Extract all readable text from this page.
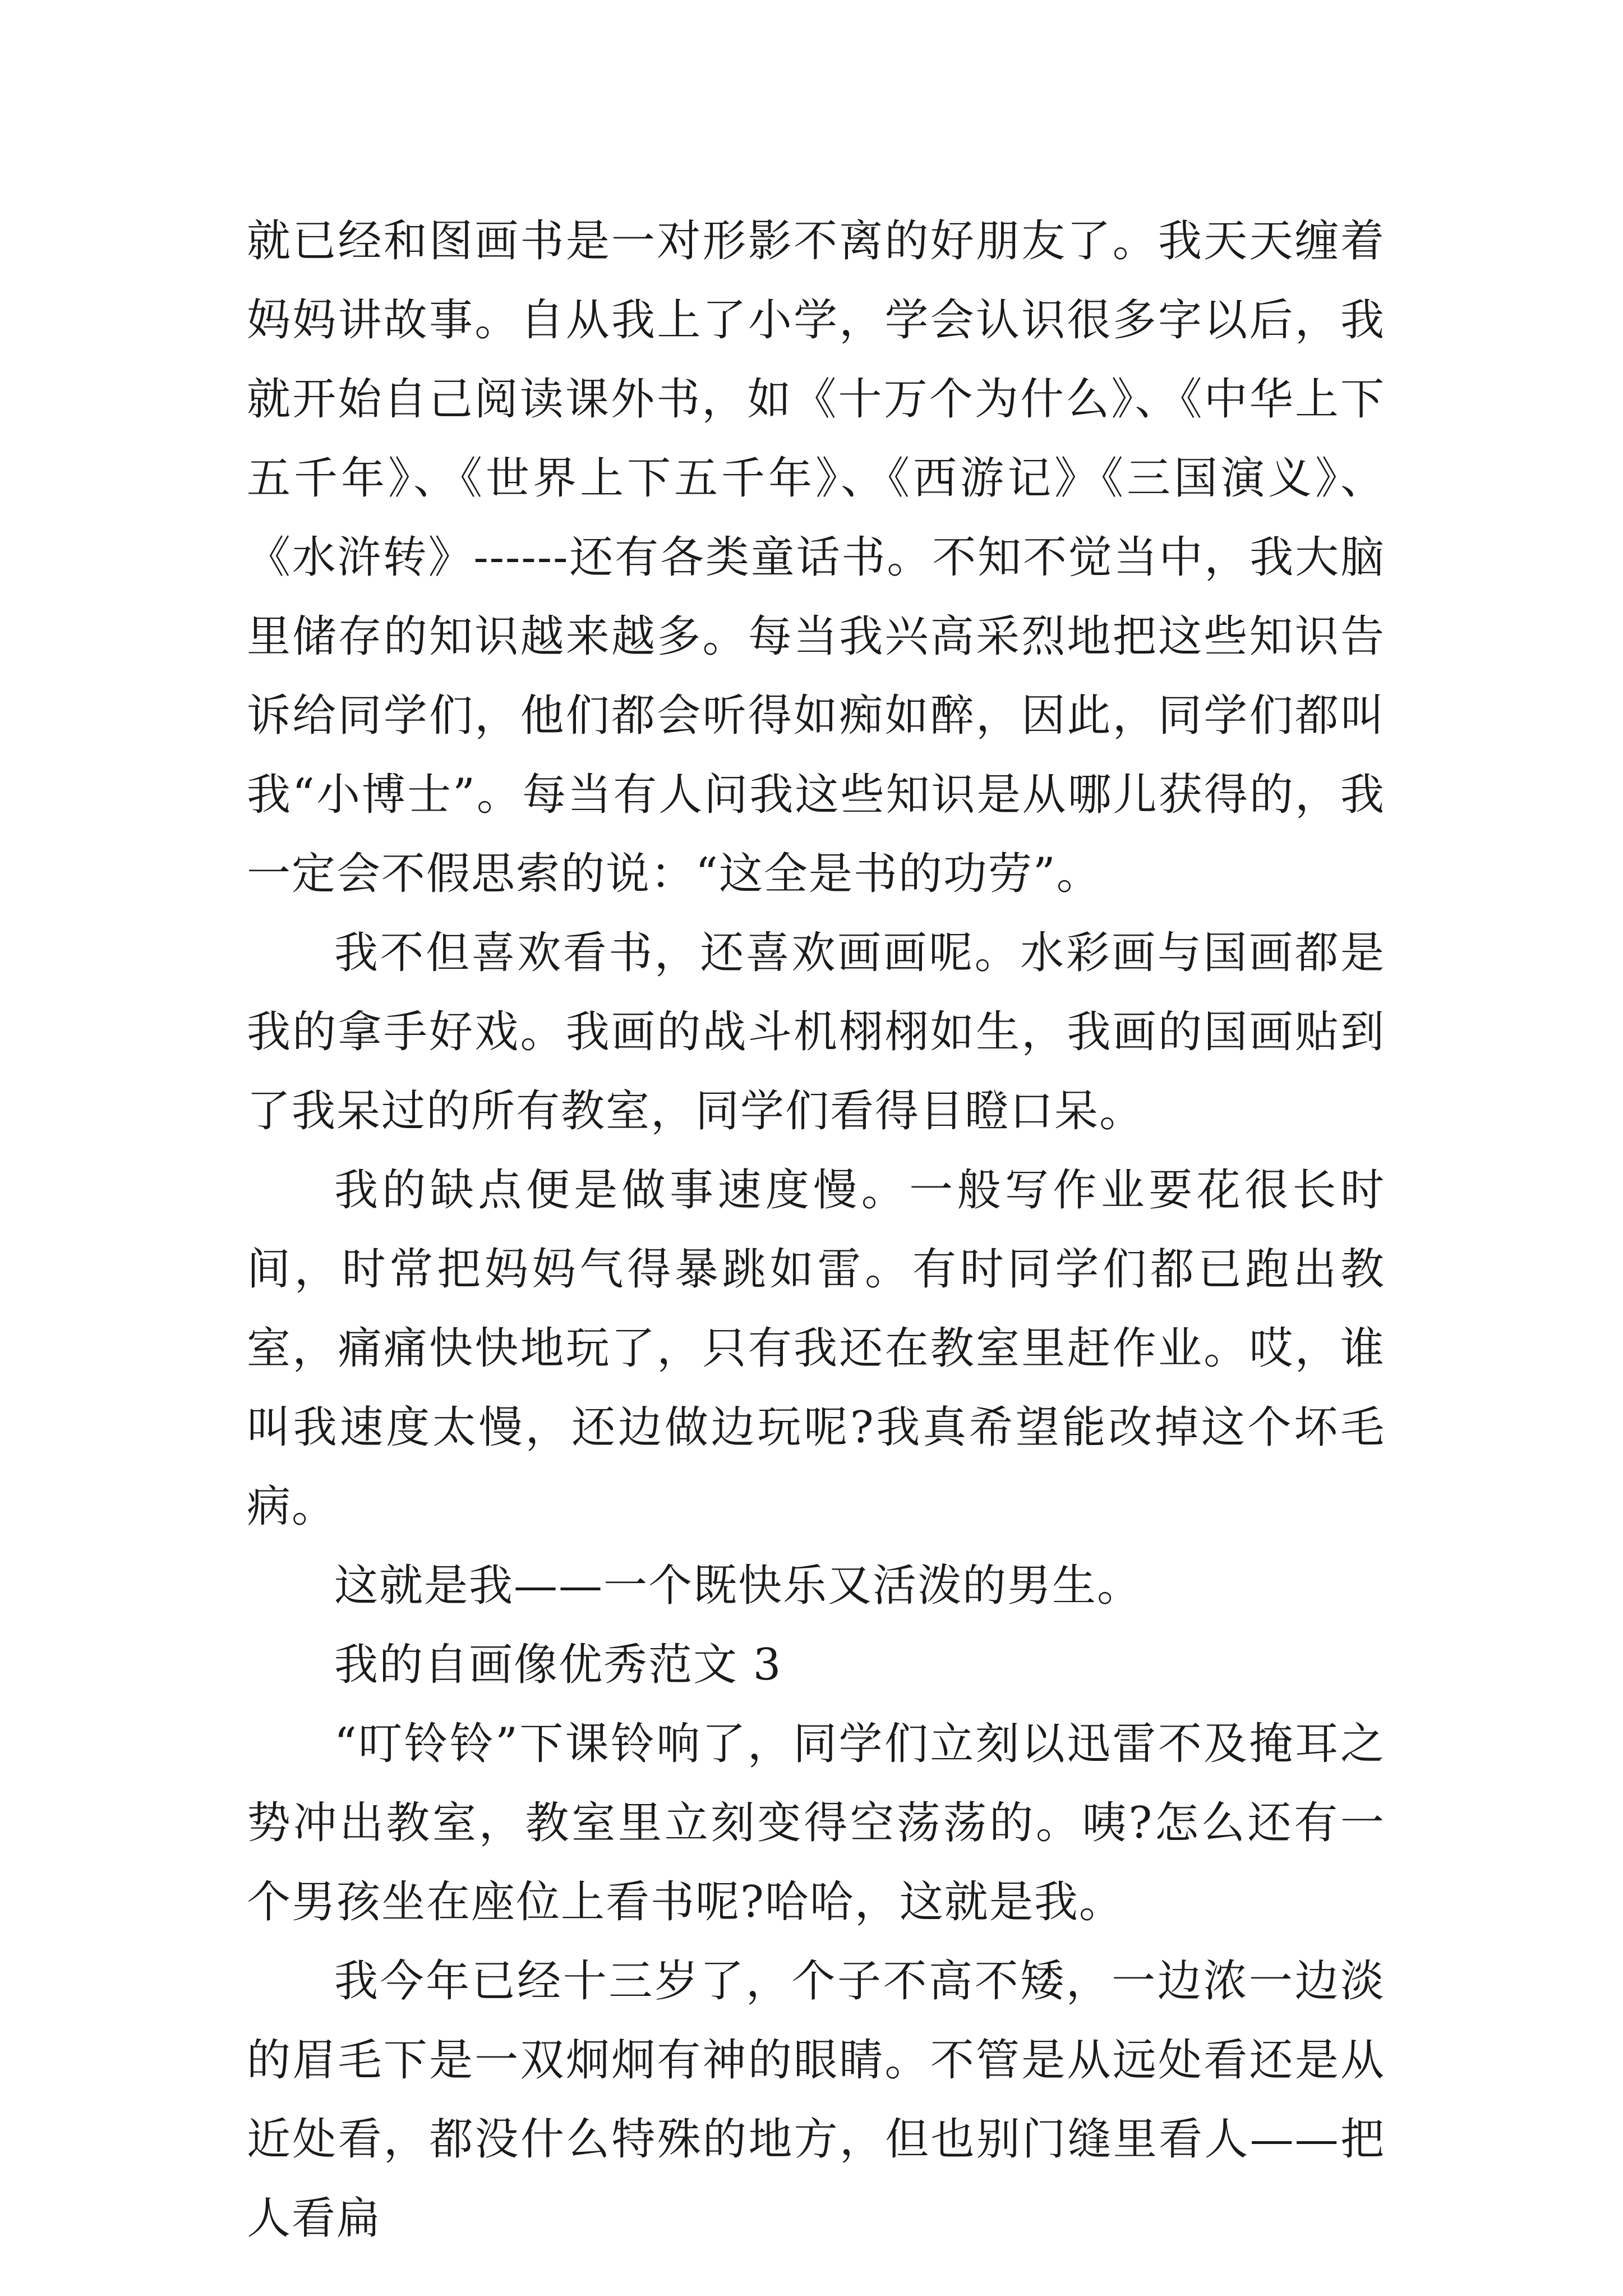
就已经和图画书是一对形影不离的好朋友了。我天天缠着妈妈讲故事。自从我上了小学，学会认识很多字以后，我就开始自己阅读课外书，如《十万个为什么》、《中华上下五千年》、《世界上下五千年》、《西游记》《三国演义》、《水浒转》------还有各类童话书。不知不觉当中，我大脑里储存的知识越来越多。每当我兴高采烈地把这些知识告诉给同学们，他们都会听得如痴如醉，因此，同学们都叫我“小博士”。每当有人问我这些知识是从哪儿获得的，我一定会不假思索的说：“这全是书的功劳”。

我不但喜欢看书，还喜欢画画呢。水彩画与国画都是我的拿手好戏。我画的战斗机栩栩如生，我画的国画贴到了我呆过的所有教室，同学们看得目瞪口呆。

我的缺点便是做事速度慢。一般写作业要花很长时间，时常把妈妈气得暴跳如雷。有时同学们都已跑出教室，痛痛快快地玩了，只有我还在教室里赶作业。哎，谁叫我速度太慢，还边做边玩呢?我真希望能改掉这个坏毛病。

这就是我——一个既快乐又活泼的男生。

我的自画像优秀范文 3

“叮铃铃”下课铃响了，同学们立刻以迅雷不及掩耳之势冲出教室，教室里立刻变得空荡荡的。咦?怎么还有一个男孩坐在座位上看书呢?哈哈，这就是我。

我今年已经十三岁了，个子不高不矮，一边浓一边淡的眉毛下是一双炯炯有神的眼睛。不管是从远处看还是从近处看，都没什么特殊的地方，但也别门缝里看人——把人看扁
